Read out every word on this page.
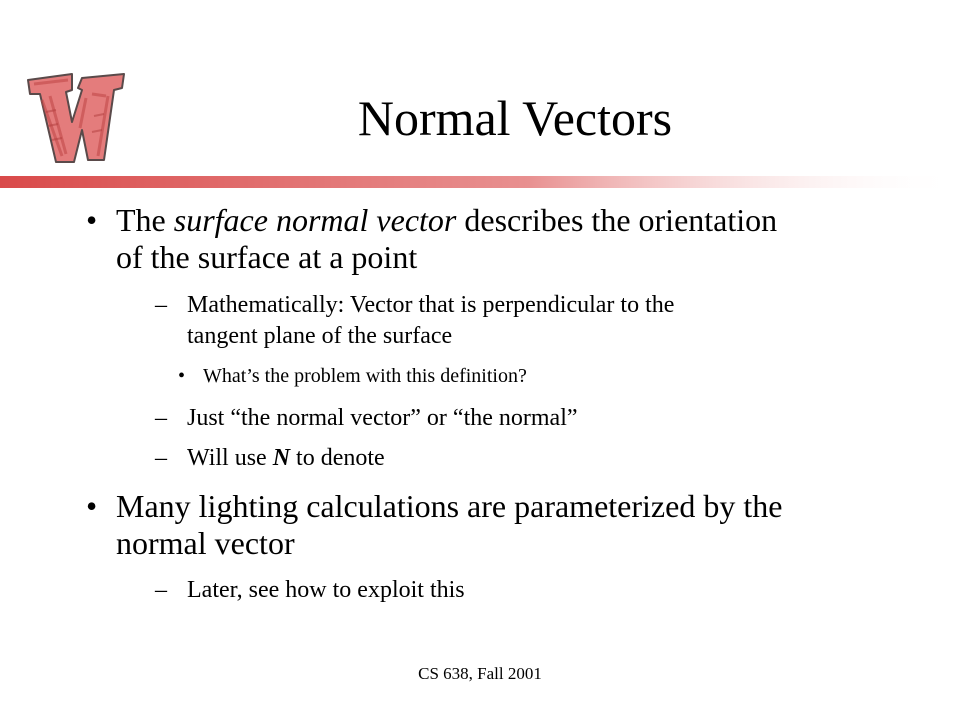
Normal Vectors
• The surface normal vector describes the orientation
of the surface at a point
– Mathematically: Vector that is perpendicular to the
tangent plane of the surface
• What’s the problem with this definition?
– Just “the normal vector” or “the normal”
– Will use N to denote
• Many lighting calculations are parameterized by the
normal vector
– Later, see how to exploit this
CS 638, Fall 2001
